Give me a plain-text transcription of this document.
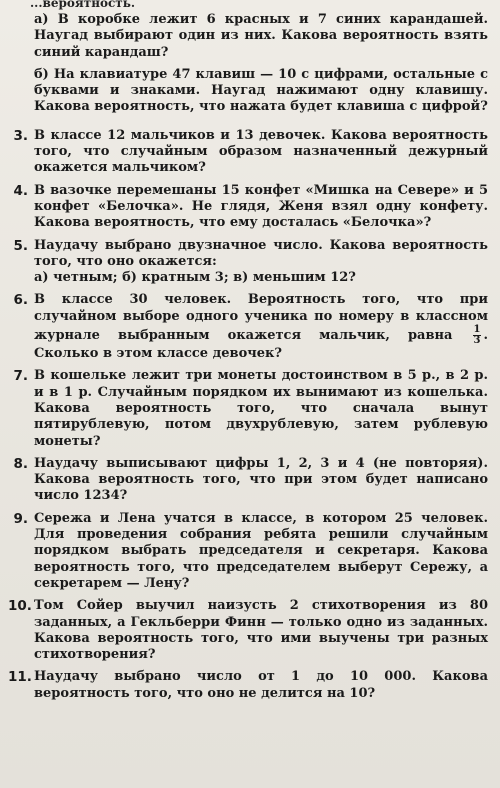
...вероятность.
а) В коробке лежит 6 красных и 7 синих карандашей. Наугад выбирают один из них. Какова вероятность взять синий карандаш?
б) На клавиатуре 47 клавиш — 10 с цифрами, остальные с буквами и знаками. Наугад нажимают одну клавишу. Какова вероятность, что нажата будет клавиша с цифрой?
3. В классе 12 мальчиков и 13 девочек. Какова вероятность того, что случайным образом назначенный дежурный окажется мальчиком?
4. В вазочке перемешаны 15 конфет «Мишка на Севере» и 5 конфет «Белочка». Не глядя, Женя взял одну конфету. Какова вероятность, что ему досталась «Белочка»?
5. Наудачу выбрано двузначное число. Какова вероятность того, что оно окажется:
а) четным; б) кратным 3; в) меньшим 12?
6. В классе 30 человек. Вероятность того, что при случайном выборе одного ученика по номеру в классном журнале выбранным окажется мальчик, равна $\frac{1}{3}$ . Сколько в этом классе девочек?
7. В кошельке лежит три монеты достоинством в 5 р., в 2 р. и в 1 р. Случайным порядком их вынимают из кошелька. Какова вероятность того, что сначала вынут пятирублевую, потом двухрублевую, затем рублевую монеты?
8. Наудачу выписывают цифры 1, 2, 3 и 4 (не повторяя). Какова вероятность того, что при этом будет написано число 1234?
9. Сережа и Лена учатся в классе, в котором 25 человек. Для проведения собрания ребята решили случайным порядком выбрать председателя и секретаря. Какова вероятность того, что председателем выберут Сережу, а секретарем — Лену?
10. Том Сойер выучил наизусть 2 стихотворения из 80 заданных, а Гекльберри Финн — только одно из заданных. Какова вероятность того, что ими выучены три разных стихотворения?
11. Наудачу выбрано число от 1 до 10 000. Какова вероятность того, что оно не делится на 10?
